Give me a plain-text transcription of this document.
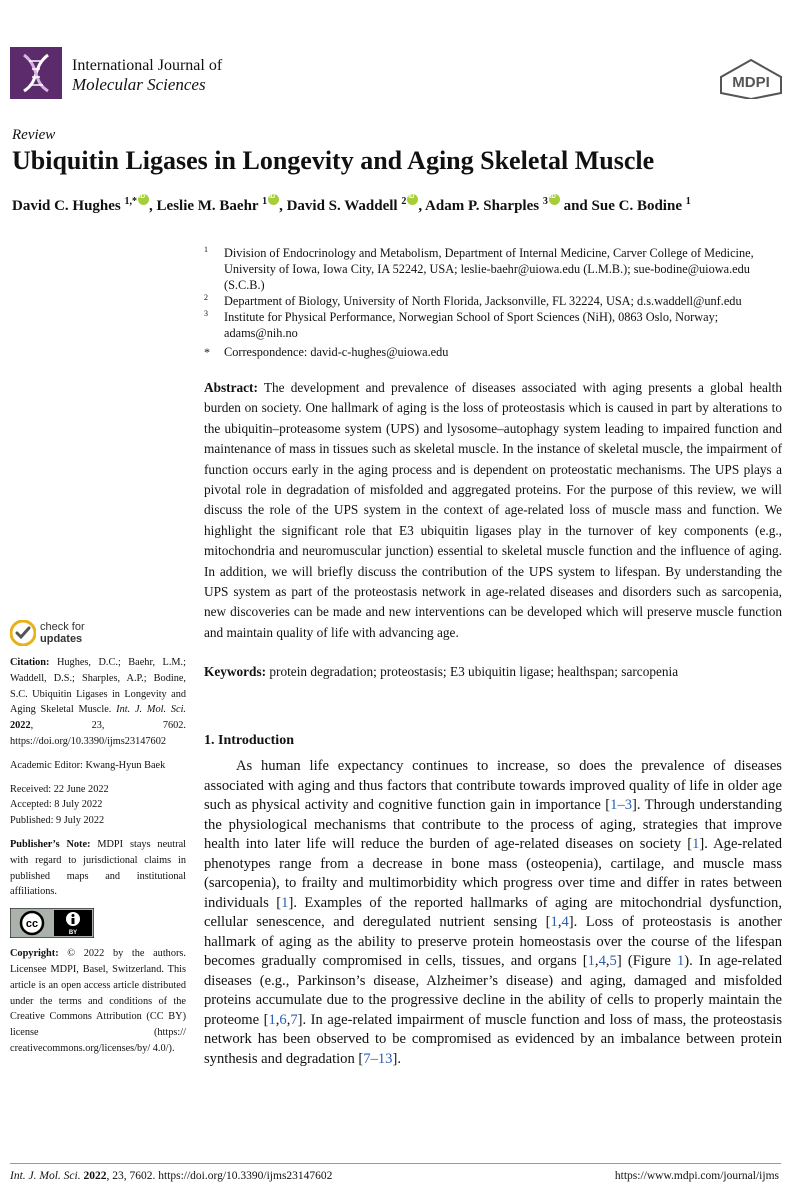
International Journal of
Molecular Sciences	MDPI
Review
Ubiquitin Ligases in Longevity and Aging Skeletal Muscle
David C. Hughes $^{1,*}$ iD , Leslie M. Baehr $^1$ iD , David S. Waddell $^2$ iD , Adam P. Sharples $^3$ iD and Sue C. Bodine $^1$
1 Division of Endocrinology and Metabolism, Department of Internal Medicine, Carver College of Medicine, University of Iowa, Iowa City, IA 52242, USA; leslie-baehr@uiowa.edu (L.M.B.); sue-bodine@uiowa.edu (S.C.B.)
2 Department of Biology, University of North Florida, Jacksonville, FL 32224, USA; d.s.waddell@unf.edu
3 Institute for Physical Performance, Norwegian School of Sport Sciences (NiH), 0863 Oslo, Norway; adams@nih.no
* Correspondence: david-c-hughes@uiowa.edu

Abstract: The development and prevalence of diseases associated with aging presents a global health burden on society. One hallmark of aging is the loss of proteostasis which is caused in part by alterations to the ubiquitin–proteasome system (UPS) and lysosome–autophagy system leading to impaired function and maintenance of mass in tissues such as skeletal muscle. In the instance of skeletal muscle, the impairment of function occurs early in the aging process and is dependent on proteostatic mechanisms. The UPS plays a pivotal role in degradation of misfolded and aggregated proteins. For the purpose of this review, we will discuss the role of the UPS system in the context of age-related loss of muscle mass and function. We highlight the significant role that E3 ubiquitin ligases play in the turnover of key components (e.g., mitochondria and neuromuscular junction) essential to skeletal muscle function and the influence of aging. In addition, we will briefly discuss the contribution of the UPS system to lifespan. By understanding the UPS system as part of the proteostasis network in age-related diseases and disorders such as sarcopenia, new discoveries can be made and new interventions can be developed which will preserve muscle function and maintain quality of life with advancing age.

Keywords: protein degradation; proteostasis; E3 ubiquitin ligase; healthspan; sarcopenia

check for
updates

Citation: Hughes, D.C.; Baehr, L.M.; Waddell, D.S.; Sharples, A.P.; Bodine, S.C. Ubiquitin Ligases in Longevity and Aging Skeletal Muscle. Int. J. Mol. Sci. 2022, 23, 7602. https://doi.org/10.3390/ijms23147602

Academic Editor: Kwang-Hyun Baek

Received: 22 June 2022
Accepted: 8 July 2022
Published: 9 July 2022

Publisher’s Note: MDPI stays neutral with regard to jurisdictional claims in published maps and institutional affiliations.

cc
BY

Copyright: © 2022 by the authors. Licensee MDPI, Basel, Switzerland. This article is an open access article distributed under the terms and conditions of the Creative Commons Attribution (CC BY) license (https:// creativecommons.org/licenses/by/ 4.0/).

1. Introduction

As human life expectancy continues to increase, so does the prevalence of diseases associated with aging and thus factors that contribute towards improved quality of life in older age such as physical activity and cognitive function gain in importance [1–3]. Through understanding the physiological mechanisms that contribute to the process of aging, strategies that improve health into later life will reduce the burden of age-related diseases on society [1]. Age-related phenotypes range from a decrease in bone mass (osteopenia), cartilage, and muscle mass (sarcopenia), to frailty and multimorbidity which progress over time and differ in rates between individuals [1]. Examples of the reported hallmarks of aging are mitochondrial dysfunction, cellular senescence, and deregulated nutrient sensing [1,4]. Loss of proteostasis is another hallmark of aging as the ability to preserve protein homeostasis over the course of the lifespan becomes gradually compromised in cells, tissues, and organs [1,4,5] (Figure 1). In age-related diseases (e.g., Parkinson’s disease, Alzheimer’s disease) and aging, damaged and misfolded proteins accumulate due to the progressive decline in the ability of cells to properly maintain the proteome [1,6,7]. In age-related impairment of muscle function and loss of mass, the proteostasis network has been observed to be compromised as evidenced by an imbalance between protein synthesis and degradation [7–13].

Int. J. Mol. Sci. 2022, 23, 7602. https://doi.org/10.3390/ijms23147602	https://www.mdpi.com/journal/ijms
